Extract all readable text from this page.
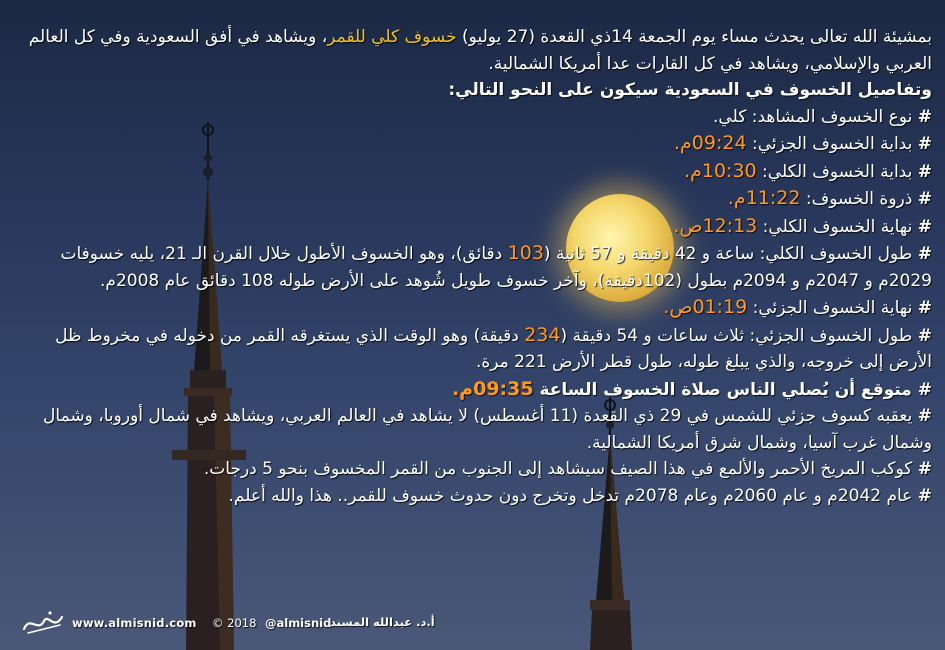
بمشيئة الله تعالى يحدث مساء يوم الجمعة 14ذي القعدة (27 يوليو) خسوف كلي للقمر، ويشاهد في أفق السعودية وفي كل العالم العربي والإسلامي، ويشاهد في كل القارات عدا أمريكا الشمالية.

وتفاصيل الخسوف في السعودية سيكون على النحو التالي:

# نوع الخسوف المشاهد: كلي.

# بداية الخسوف الجزئي: 09:24م.

# بداية الخسوف الكلي: 10:30م.

# ذروة الخسوف: 11:22م.

# نهاية الخسوف الكلي: 12:13ص.

# طول الخسوف الكلي: ساعة و 42 دقيقة و 57 ثانية (103 دقائق)، وهو الخسوف الأطول خلال القرن الـ 21، يليه خسوفات 2029م و 2047م و 2094م بطول (102دقيقة)، وآخر خسوف طويل شُوهد على الأرض طوله 108 دقائق عام 2008م.

# نهاية الخسوف الجزئي: 01:19ص.

# طول الخسوف الجزئي: ثلاث ساعات و 54 دقيقة (234 دقيقة) وهو الوقت الذي يستغرقه القمر من دخوله في مخروط ظل الأرض إلى خروجه، والذي يبلغ طوله، طول قطر الأرض 221 مرة.

# متوقع أن يُصلي الناس صلاة الخسوف الساعة 09:35م.

# يعقبه كسوف جزئي للشمس في 29 ذي القعدة (11 أغسطس) لا يشاهد في العالم العربي، ويشاهد في شمال أوروبا، وشمال وشمال غرب آسيا، وشمال شرق أمريكا الشمالية.

# كوكب المريخ الأحمر والألمع في هذا الصيف سيشاهد إلى الجنوب من القمر المخسوف بنحو 5 درجات.

# عام 2042م و عام 2060م وعام 2078م تدخل وتخرج دون حدوث خسوف للقمر.. هذا والله أعلم.

www.almisnid.com © 2018 @almisnid
أ.د. عبدالله المسند
